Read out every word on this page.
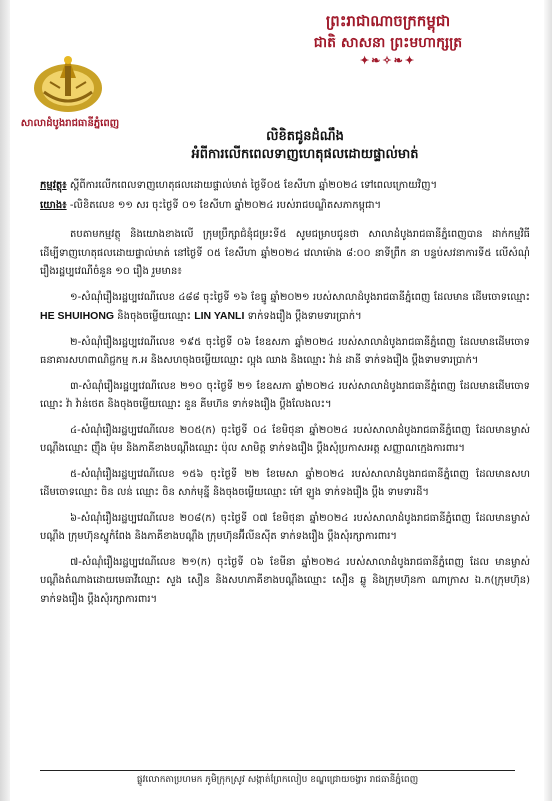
ព្រះរាជាណាចក្រកម្ពុជា
ជាតិ សាសនា ព្រះមហាក្សត្រ
✦❧✧❧✦
សាលាដំបូងរាជធានីភ្នំពេញ
លិខិតជូនដំណឹង
អំពីការលើកពេលទាញហេតុផលដោយផ្ទាល់មាត់
កម្មវត្ថុ៖ ស្ដីពីការលើកពេលទាញហេតុផលដោយផ្ទាល់មាត់ ថ្ងៃទី០៥ ខែសីហា ឆ្នាំ២០២៤ ទៅពេលក្រោយវិញ។
យោង៖ -លិខិតលេខ ១១ សរ ចុះថ្ងៃទី ០១ ខែសីហា ឆ្នាំ២០២៤ របស់រាជបណ្ឌិតសភាកម្ពុជា។

តបតាមកម្មវត្ថុ និងយោងខាងលើ ក្រុមប្រឹក្សាជំនុំជម្រះទី៥ សូមជម្រាបជូនថា សាលាដំបូងរាជធានីភ្នំពេញបាន ដាក់កម្មវិធីដើម្បីទាញហេតុផលដោយផ្ទាល់មាត់ នៅថ្ងៃទី ០៥ ខែសីហា ឆ្នាំ២០២៤ វេលាម៉ោង ៨:០០ នាទីព្រឹក នា បន្ទប់សវនាការទី៥ លើសំណុំរឿងរដ្ឋប្បវេណីចំនួន ១០ រឿង រួមមាន៖

១-សំណុំរឿងរដ្ឋប្បវេណីលេខ ៤៨៨ ចុះថ្ងៃទី ១៦ ខែធ្នូ ឆ្នាំ២០២១ របស់សាលាដំបូងរាជធានីភ្នំពេញ ដែលមាន ដើមចោទឈ្មោះ HE SHUIHONG និងចុងចម្លើយឈ្មោះ LIN YANLI ទាក់ទងរឿង ប្ដឹងទាមទារប្រាក់។

២-សំណុំរឿងរដ្ឋប្បវេណីលេខ ១៩៥ ចុះថ្ងៃទី ០៦ ខែឧសភា ឆ្នាំ២០២៤ របស់សាលាដំបូងរាជធានីភ្នំពេញ ដែលមានដើមចោទ ធនាគារសហពាណិជ្ជកម្ម ក.អ និងសហចុងចម្លើយឈ្មោះ ល្អុង ឈាង និងឈ្មោះ វ៉ាន់ ដានី ទាក់ទងរឿង ប្ដឹងទាមទារប្រាក់។

៣-សំណុំរឿងរដ្ឋប្បវេណីលេខ ២១០ ចុះថ្ងៃទី ២១ ខែឧសភា ឆ្នាំ២០២៤ របស់សាលាដំបូងរាជធានីភ្នំពេញ ដែលមានដើមចោទឈ្មោះ វ៉ា វ៉ាន់ថេត និងចុងចម្លើយឈ្មោះ នួន គីមហ៊ន ទាក់ទងរឿង ប្ដឹងលែងលះ។

៤-សំណុំរឿងរដ្ឋប្បវេណីលេខ ២០៥(ក) ចុះថ្ងៃទី ០៤ ខែមិថុនា ឆ្នាំ២០២៤ របស់សាលាដំបូងរាជធានីភ្នំពេញ ដែលមានម្ចាស់បណ្ដឹងឈ្មោះ ញ៉ឹង ម៉ុម និងភាគីខាងបណ្ដឹងឈ្មោះ ប៉ុល សាមិត្ត ទាក់ទងរឿង ប្ដឹងសុំប្រកាសអត្ត សញ្ញាណក្មេងការពារ។

៥-សំណុំរឿងរដ្ឋប្បវេណីលេខ ១៥៦ ចុះថ្ងៃទី ២២ ខែមេសា ឆ្នាំ២០២៤ របស់សាលាដំបូងរាជធានីភ្នំពេញ ដែលមានសហដើមចោទឈ្មោះ ចិន លន់ ឈ្មោះ ចិន សាក់មុន្នី និងចុងចម្លើយឈ្មោះ ម៉ៅ ឡូង ទាក់ទងរឿង ប្ដឹង ទាមទារដី។

៦-សំណុំរឿងរដ្ឋប្បវេណីលេខ ២០៨(ក) ចុះថ្ងៃទី ០៧ ខែមិថុនា ឆ្នាំ២០២៤ របស់សាលាដំបូងរាជធានីភ្នំពេញ ដែលមានម្ចាស់បណ្ដឹង ក្រុមហ៊ុនស្នូកំពែង និងភាគីខាងបណ្ដឹង ក្រុមហ៊ុនអ៊ីលីនស៊ីត ទាក់ទងរឿង ប្ដឹងសុំរក្សាការពារ។

៧-សំណុំរឿងរដ្ឋប្បវេណីលេខ ២១(ក) ចុះថ្ងៃទី ០៦ ខែមីនា ឆ្នាំ២០២៤ របស់សាលាដំបូងរាជធានីភ្នំពេញ ដែល មានម្ចាស់បណ្ដឹងតំណាងដោយមេធាវីឈ្មោះ សួង សឿន និងសហភាគីខាងបណ្ដឹងឈ្មោះ សឿន ឆ្លូ និងក្រុមហ៊ុនកា ណាក្រាស ឯ.ក(ក្រុមហ៊ុន) ទាក់ទងរឿង ប្ដឹងសុំរក្សាការពារ។

ផ្លូវលោកតាប្រហមក ភូមិក្រុកស្រូវ សង្កាត់ព្រែកលៀប ខណ្ឌជ្រោយចង្វារ រាជធានីភ្នំពេញ
